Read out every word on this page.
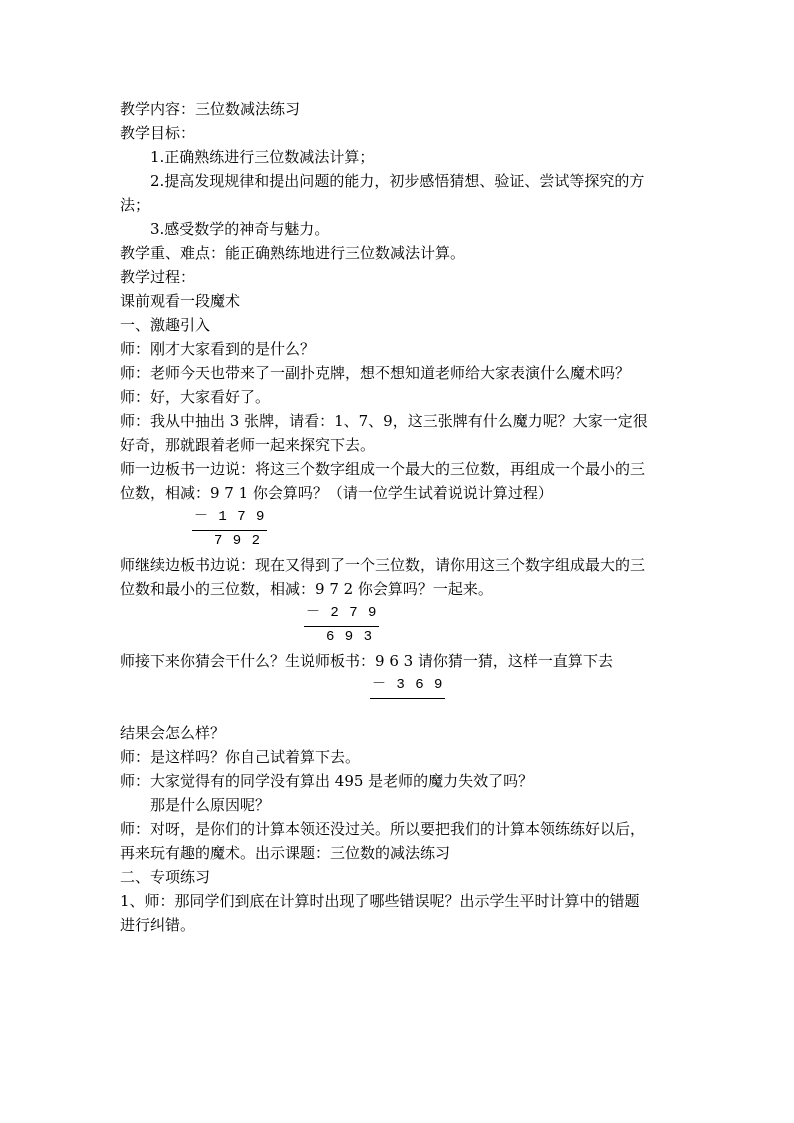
教学内容：三位数减法练习
教学目标：
1.正确熟练进行三位数减法计算；
2.提高发现规律和提出问题的能力，初步感悟猜想、验证、尝试等探究的方
法；
3.感受数学的神奇与魅力。
教学重、难点：能正确熟练地进行三位数减法计算。
教学过程：
课前观看一段魔术
一、激趣引入
师：刚才大家看到的是什么？
师：老师今天也带来了一副扑克牌，想不想知道老师给大家表演什么魔术吗？
师：好，大家看好了。
师：我从中抽出 3 张牌，请看：1、7、9，这三张牌有什么魔力呢？大家一定很
好奇，那就跟着老师一起来探究下去。
师一边板书一边说：将这三个数字组成一个最大的三位数，再组成一个最小的三
位数，相减：9 7 1 你会算吗？（请一位学生试着说说计算过程）
－ 1 7 9
7 9 2
师继续边板书边说：现在又得到了一个三位数，请你用这三个数字组成最大的三
位数和最小的三位数，相减：9 7 2 你会算吗？一起来。
－ 2 7 9
6 9 3
师接下来你猜会干什么？生说师板书：9 6 3 请你猜一猜，这样一直算下去
－ 3 6 9
结果会怎么样？
师：是这样吗？你自己试着算下去。
师：大家觉得有的同学没有算出 495 是老师的魔力失效了吗？
那是什么原因呢？
师：对呀，是你们的计算本领还没过关。所以要把我们的计算本领练练好以后，
再来玩有趣的魔术。出示课题：三位数的减法练习
二、专项练习
1、师：那同学们到底在计算时出现了哪些错误呢？出示学生平时计算中的错题
进行纠错。
